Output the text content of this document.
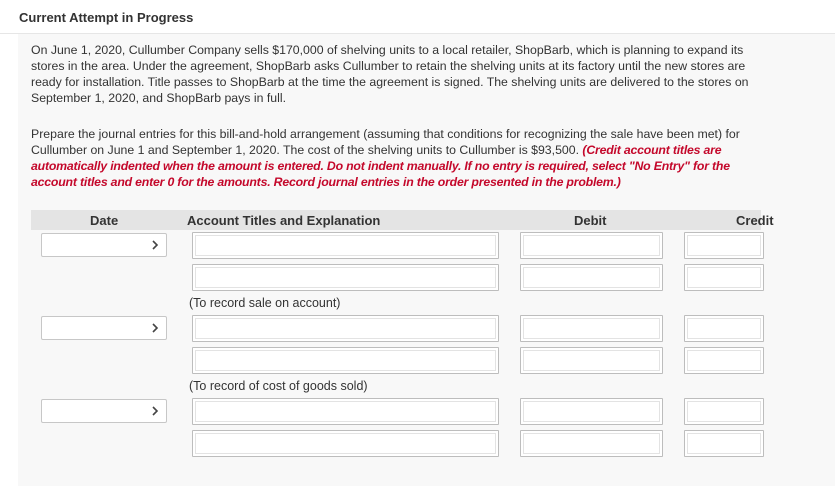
Current Attempt in Progress
On June 1, 2020, Cullumber Company sells $170,000 of shelving units to a local retailer, ShopBarb, which is planning to expand its stores in the area. Under the agreement, ShopBarb asks Cullumber to retain the shelving units at its factory until the new stores are ready for installation. Title passes to ShopBarb at the time the agreement is signed. The shelving units are delivered to the stores on September 1, 2020, and ShopBarb pays in full.
Prepare the journal entries for this bill-and-hold arrangement (assuming that conditions for recognizing the sale have been met) for Cullumber on June 1 and September 1, 2020. The cost of the shelving units to Cullumber is $93,500. (Credit account titles are automatically indented when the amount is entered. Do not indent manually. If no entry is required, select "No Entry" for the account titles and enter 0 for the amounts. Record journal entries in the order presented in the problem.)
Date	Account Titles and Explanation	Debit	Credit
(To record sale on account)
(To record of cost of goods sold)
